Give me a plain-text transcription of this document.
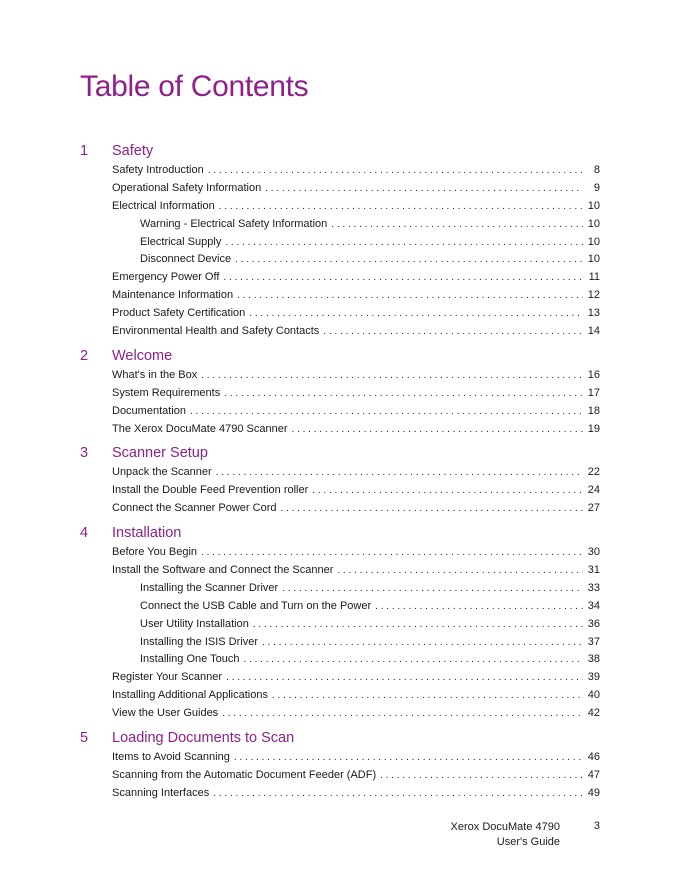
Table of Contents
1	Safety
Safety Introduction . . .	8
Operational Safety Information . . .	9
Electrical Information . . .	10
Warning - Electrical Safety Information . . .	10
Electrical Supply . . .	10
Disconnect Device . . .	10
Emergency Power Off . . .	11
Maintenance Information . . .	12
Product Safety Certification . . .	13
Environmental Health and Safety Contacts . . .	14
2	Welcome
What's in the Box . . .	16
System Requirements . . .	17
Documentation . . .	18
The Xerox DocuMate 4790 Scanner . . .	19
3	Scanner Setup
Unpack the Scanner . . .	22
Install the Double Feed Prevention roller . . .	24
Connect the Scanner Power Cord . . .	27
4	Installation
Before You Begin . . .	30
Install the Software and Connect the Scanner . . .	31
Installing the Scanner Driver . . .	33
Connect the USB Cable and Turn on the Power . . .	34
User Utility Installation . . .	36
Installing the ISIS Driver . . .	37
Installing One Touch . . .	38
Register Your Scanner . . .	39
Installing Additional Applications . . .	40
View the User Guides . . .	42
5	Loading Documents to Scan
Items to Avoid Scanning . . .	46
Scanning from the Automatic Document Feeder (ADF) . . .	47
Scanning Interfaces . . .	49
Xerox DocuMate 4790
User's Guide
3
